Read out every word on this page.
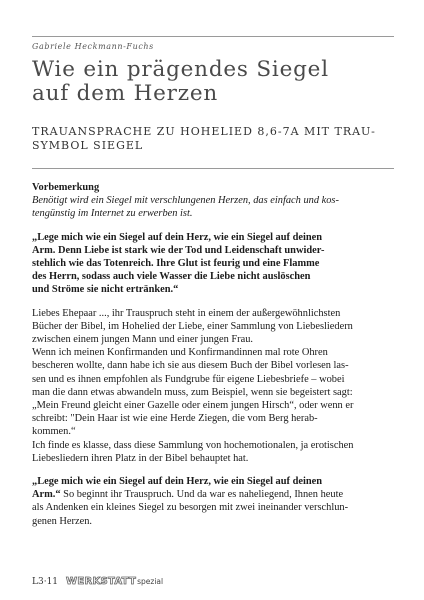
Gabriele Heckmann-Fuchs
Wie ein prägendes Siegel
auf dem Herzen
TRAUANSPRACHE ZU HOHELIED 8,6-7A MIT TRAU-
SYMBOL SIEGEL

Vorbemerkung

Benötigt wird ein Siegel mit verschlungenen Herzen, das einfach und kos-
tengünstig im Internet zu erwerben ist.

„Lege mich wie ein Siegel auf dein Herz, wie ein Siegel auf deinen
Arm. Denn Liebe ist stark wie der Tod und Leidenschaft unwider-
stehlich wie das Totenreich. Ihre Glut ist feurig und eine Flamme
des Herrn, sodass auch viele Wasser die Liebe nicht auslöschen
und Ströme sie nicht ertränken.“

Liebes Ehepaar ..., ihr Trauspruch steht in einem der außergewöhnlichsten
Bücher der Bibel, im Hohelied der Liebe, einer Sammlung von Liebesliedern
zwischen einem jungen Mann und einer jungen Frau.
Wenn ich meinen Konfirmanden und Konfirmandinnen mal rote Ohren
bescheren wollte, dann habe ich sie aus diesem Buch der Bibel vorlesen las-
sen und es ihnen empfohlen als Fundgrube für eigene Liebesbriefe – wobei
man die dann etwas abwandeln muss, zum Beispiel, wenn sie begeistert sagt:
„Mein Freund gleicht einer Gazelle oder einem jungen Hirsch“, oder wenn er
schreibt: "Dein Haar ist wie eine Herde Ziegen, die vom Berg herab-
kommen.“
Ich finde es klasse, dass diese Sammlung von hochemotionalen, ja erotischen
Liebesliedern ihren Platz in der Bibel behauptet hat.

„Lege mich wie ein Siegel auf dein Herz, wie ein Siegel auf deinen
Arm.“ So beginnt ihr Trauspruch. Und da war es naheliegend, Ihnen heute
als Andenken ein kleines Siegel zu besorgen mit zwei ineinander verschlun-
genen Herzen.

L3·11 WERKSTATT spezial
